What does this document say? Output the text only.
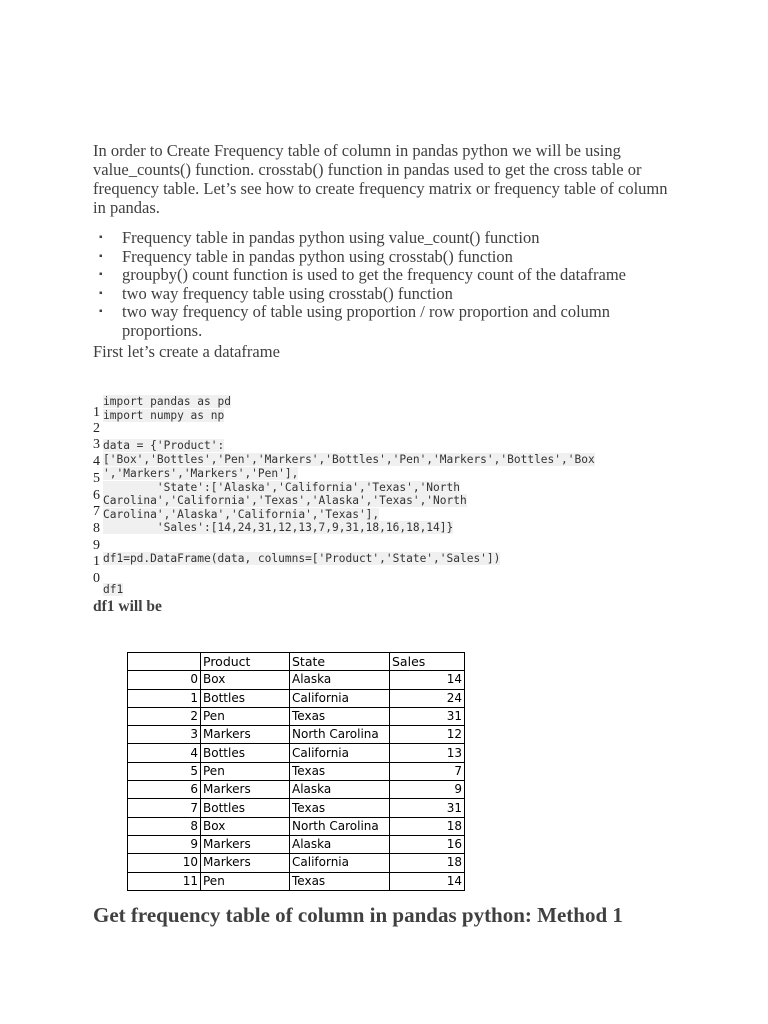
In order to Create Frequency table of column in pandas python we will be using value_counts() function. crosstab() function in pandas used to get the cross table or frequency table. Let’s see how to create frequency matrix or frequency table of column in pandas.

▪ Frequency table in pandas python using value_count() function
▪ Frequency table in pandas python using crosstab() function
▪ groupby() count function is used to get the frequency count of the dataframe
▪ two way frequency table using crosstab() function
▪ two way frequency of table using proportion / row proportion and column proportions.

First let’s create a dataframe

1
2
3
4
5
6
7
8
9
1
0
import pandas as pd
import numpy as np
data = {'Product':
['Box','Bottles','Pen','Markers','Bottles','Pen','Markers','Bottles','Box
','Markers','Markers','Pen'],
'State':['Alaska','California','Texas','North
Carolina','California','Texas','Alaska','Texas','North
Carolina','Alaska','California','Texas'],
'Sales':[14,24,31,12,13,7,9,31,18,16,18,14]}
df1=pd.DataFrame(data, columns=['Product','State','Sales'])
df1
df1 will be
	Product	State	Sales
0	Box	Alaska	14
1	Bottles	California	24
2	Pen	Texas	31
3	Markers	North Carolina	12
4	Bottles	California	13
5	Pen	Texas	7
6	Markers	Alaska	9
7	Bottles	Texas	31
8	Box	North Carolina	18
9	Markers	Alaska	16
10	Markers	California	18
11	Pen	Texas	14
Get frequency table of column in pandas python: Method 1
